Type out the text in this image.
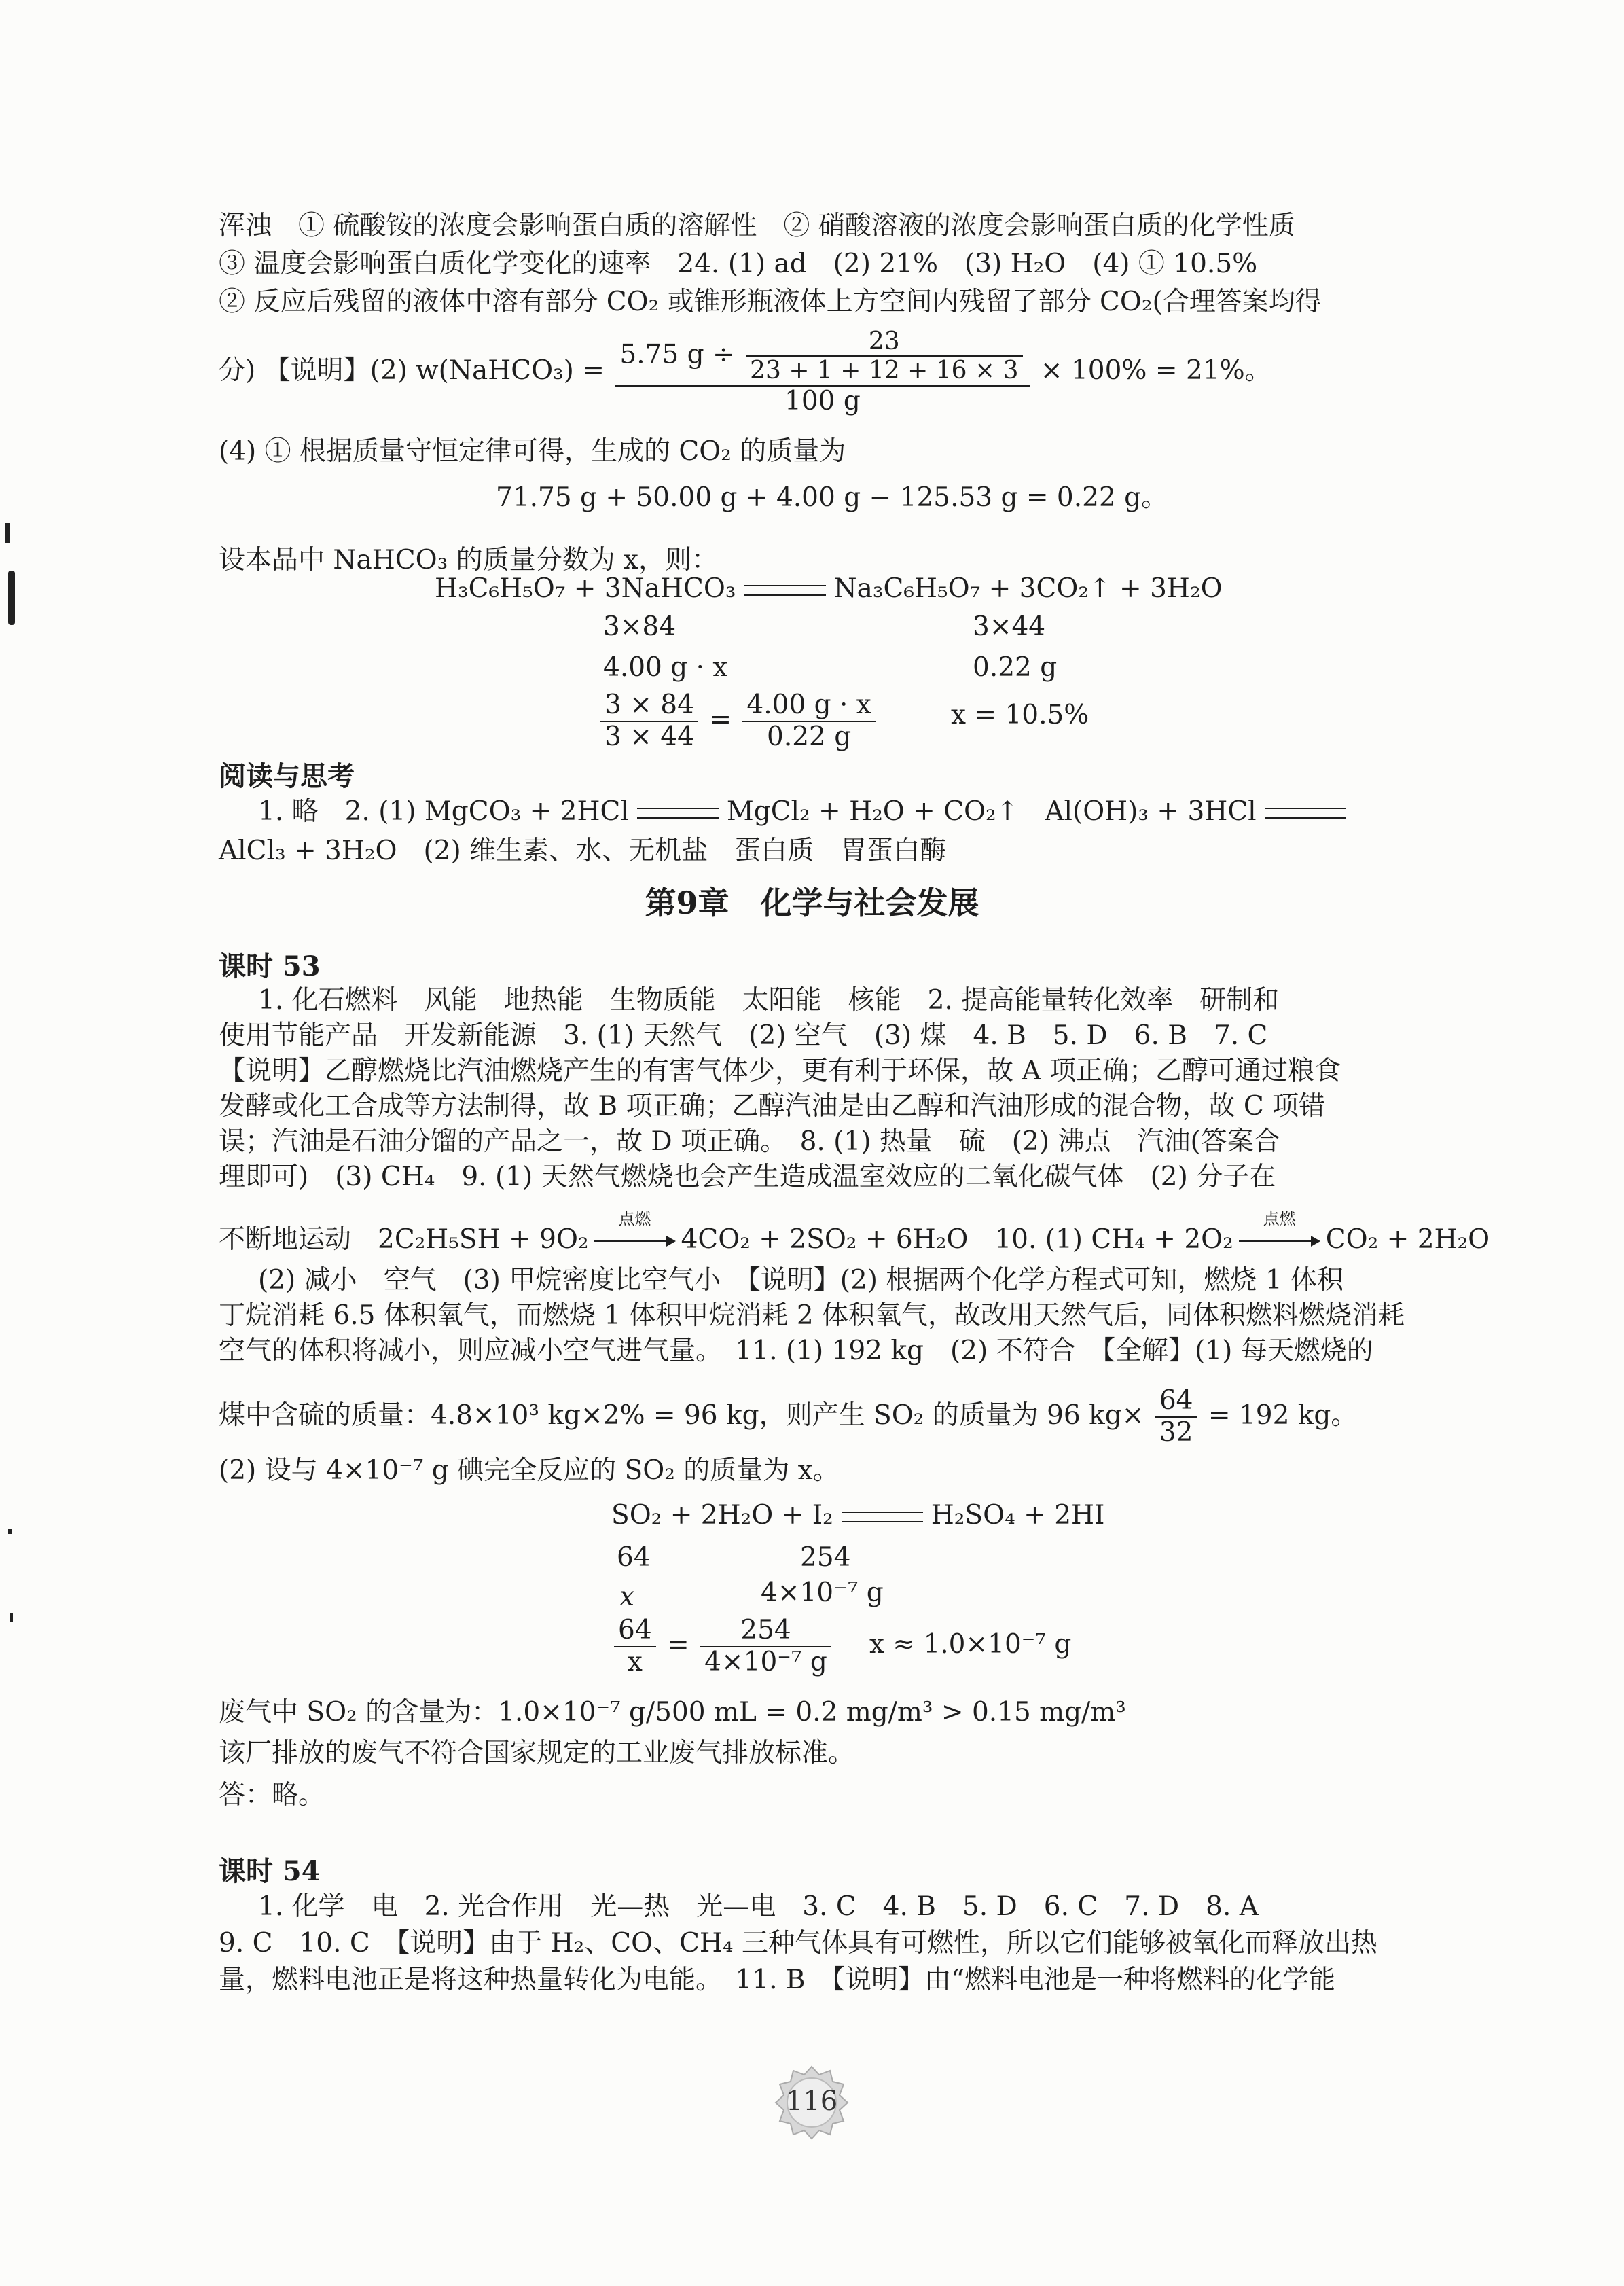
浑浊　① 硫酸铵的浓度会影响蛋白质的溶解性　② 硝酸溶液的浓度会影响蛋白质的化学性质
③ 温度会影响蛋白质化学变化的速率　24. (1) ad　(2) 21%　(3) H₂O　(4) ① 10.5%
② 反应后残留的液体中溶有部分 CO₂ 或锥形瓶液体上方空间内残留了部分 CO₂(合理答案均得
分) 【说明】(2) w(NaHCO₃) = $\frac{5.75 g \div \frac{23}{23 + 1 + 12 + 16 \times 3}}{100 g} \times 100\% = 21\%$。
(4) ① 根据质量守恒定律可得，生成的 CO₂ 的质量为
71.75 g + 50.00 g + 4.00 g − 125.53 g = 0.22 g。
设本品中 NaHCO₃ 的质量分数为 x，则：
H₃C₆H₅O₇ + 3NaHCO₃	Na₃C₆H₅O₇ + 3CO₂↑ + 3H₂O
3×84	3×44
4.00 g · x	0.22 g
$\frac{3 \times 84}{3 \times 44} = \frac{4.00 g \cdot x}{0.22 g}$	x = 10.5%
阅读与思考
1. 略　2. (1) MgCO₃ + 2HCl	MgCl₂ + H₂O + CO₂↑　Al(OH)₃ + 3HCl
AlCl₃ + 3H₂O　(2) 维生素、水、无机盐　蛋白质　胃蛋白酶
第9章　化学与社会发展
课时 53
1. 化石燃料　风能　地热能　生物质能　太阳能　核能　2. 提高能量转化效率　研制和
使用节能产品　开发新能源　3. (1) 天然气　(2) 空气　(3) 煤　4. B　5. D　6. B　7. C
【说明】乙醇燃烧比汽油燃烧产生的有害气体少，更有利于环保，故 A 项正确；乙醇可通过粮食
发酵或化工合成等方法制得，故 B 项正确；乙醇汽油是由乙醇和汽油形成的混合物，故 C 项错
误；汽油是石油分馏的产品之一，故 D 项正确。　8. (1) 热量　硫　(2) 沸点　汽油(答案合
理即可)　(3) CH₄　9. (1) 天然气燃烧也会产生造成温室效应的二氧化碳气体　(2) 分子在
不断地运动　2C₂H₅SH + 9O₂
点燃
4CO₂ + 2SO₂ + 6H₂O　10. (1) CH₄ + 2O₂
点燃
CO₂ + 2H₂O
(2) 减小　空气　(3) 甲烷密度比空气小　【说明】(2) 根据两个化学方程式可知，燃烧 1 体积
丁烷消耗 6.5 体积氧气，而燃烧 1 体积甲烷消耗 2 体积氧气，故改用天然气后，同体积燃料燃烧消耗
空气的体积将减小，则应减小空气进气量。　11. (1) 192 kg　(2) 不符合　【全解】(1) 每天燃烧的
煤中含硫的质量：4.8×10³ kg×2% = 96 kg，则产生 SO₂ 的质量为 96 $kg\times \frac{64}{32} = 192$ kg。
(2) 设与 4×10⁻⁷ g 碘完全反应的 SO₂ 的质量为 x。
SO₂ + 2H₂O + I₂	H₂SO₄ + 2HI
64	254
x	4×10⁻⁷ g
$\frac{64}{x} = \frac{254}{\text{4×10⁻⁷ g}}$ x ≈ 1.0×10⁻⁷ g
废气中 SO₂ 的含量为：1.0×10⁻⁷ g/500 mL = 0.2 mg/m³ > 0.15 mg/m³
该厂排放的废气不符合国家规定的工业废气排放标准。
答：略。
课时 54
1. 化学　电　2. 光合作用　光—热　光—电　3. C　4. B　5. D　6. C　7. D　8. A
9. C　10. C　【说明】由于 H₂、CO、CH₄ 三种气体具有可燃性，所以它们能够被氧化而释放出热
量，燃料电池正是将这种热量转化为电能。　11. B　【说明】由“燃料电池是一种将燃料的化学能
116
